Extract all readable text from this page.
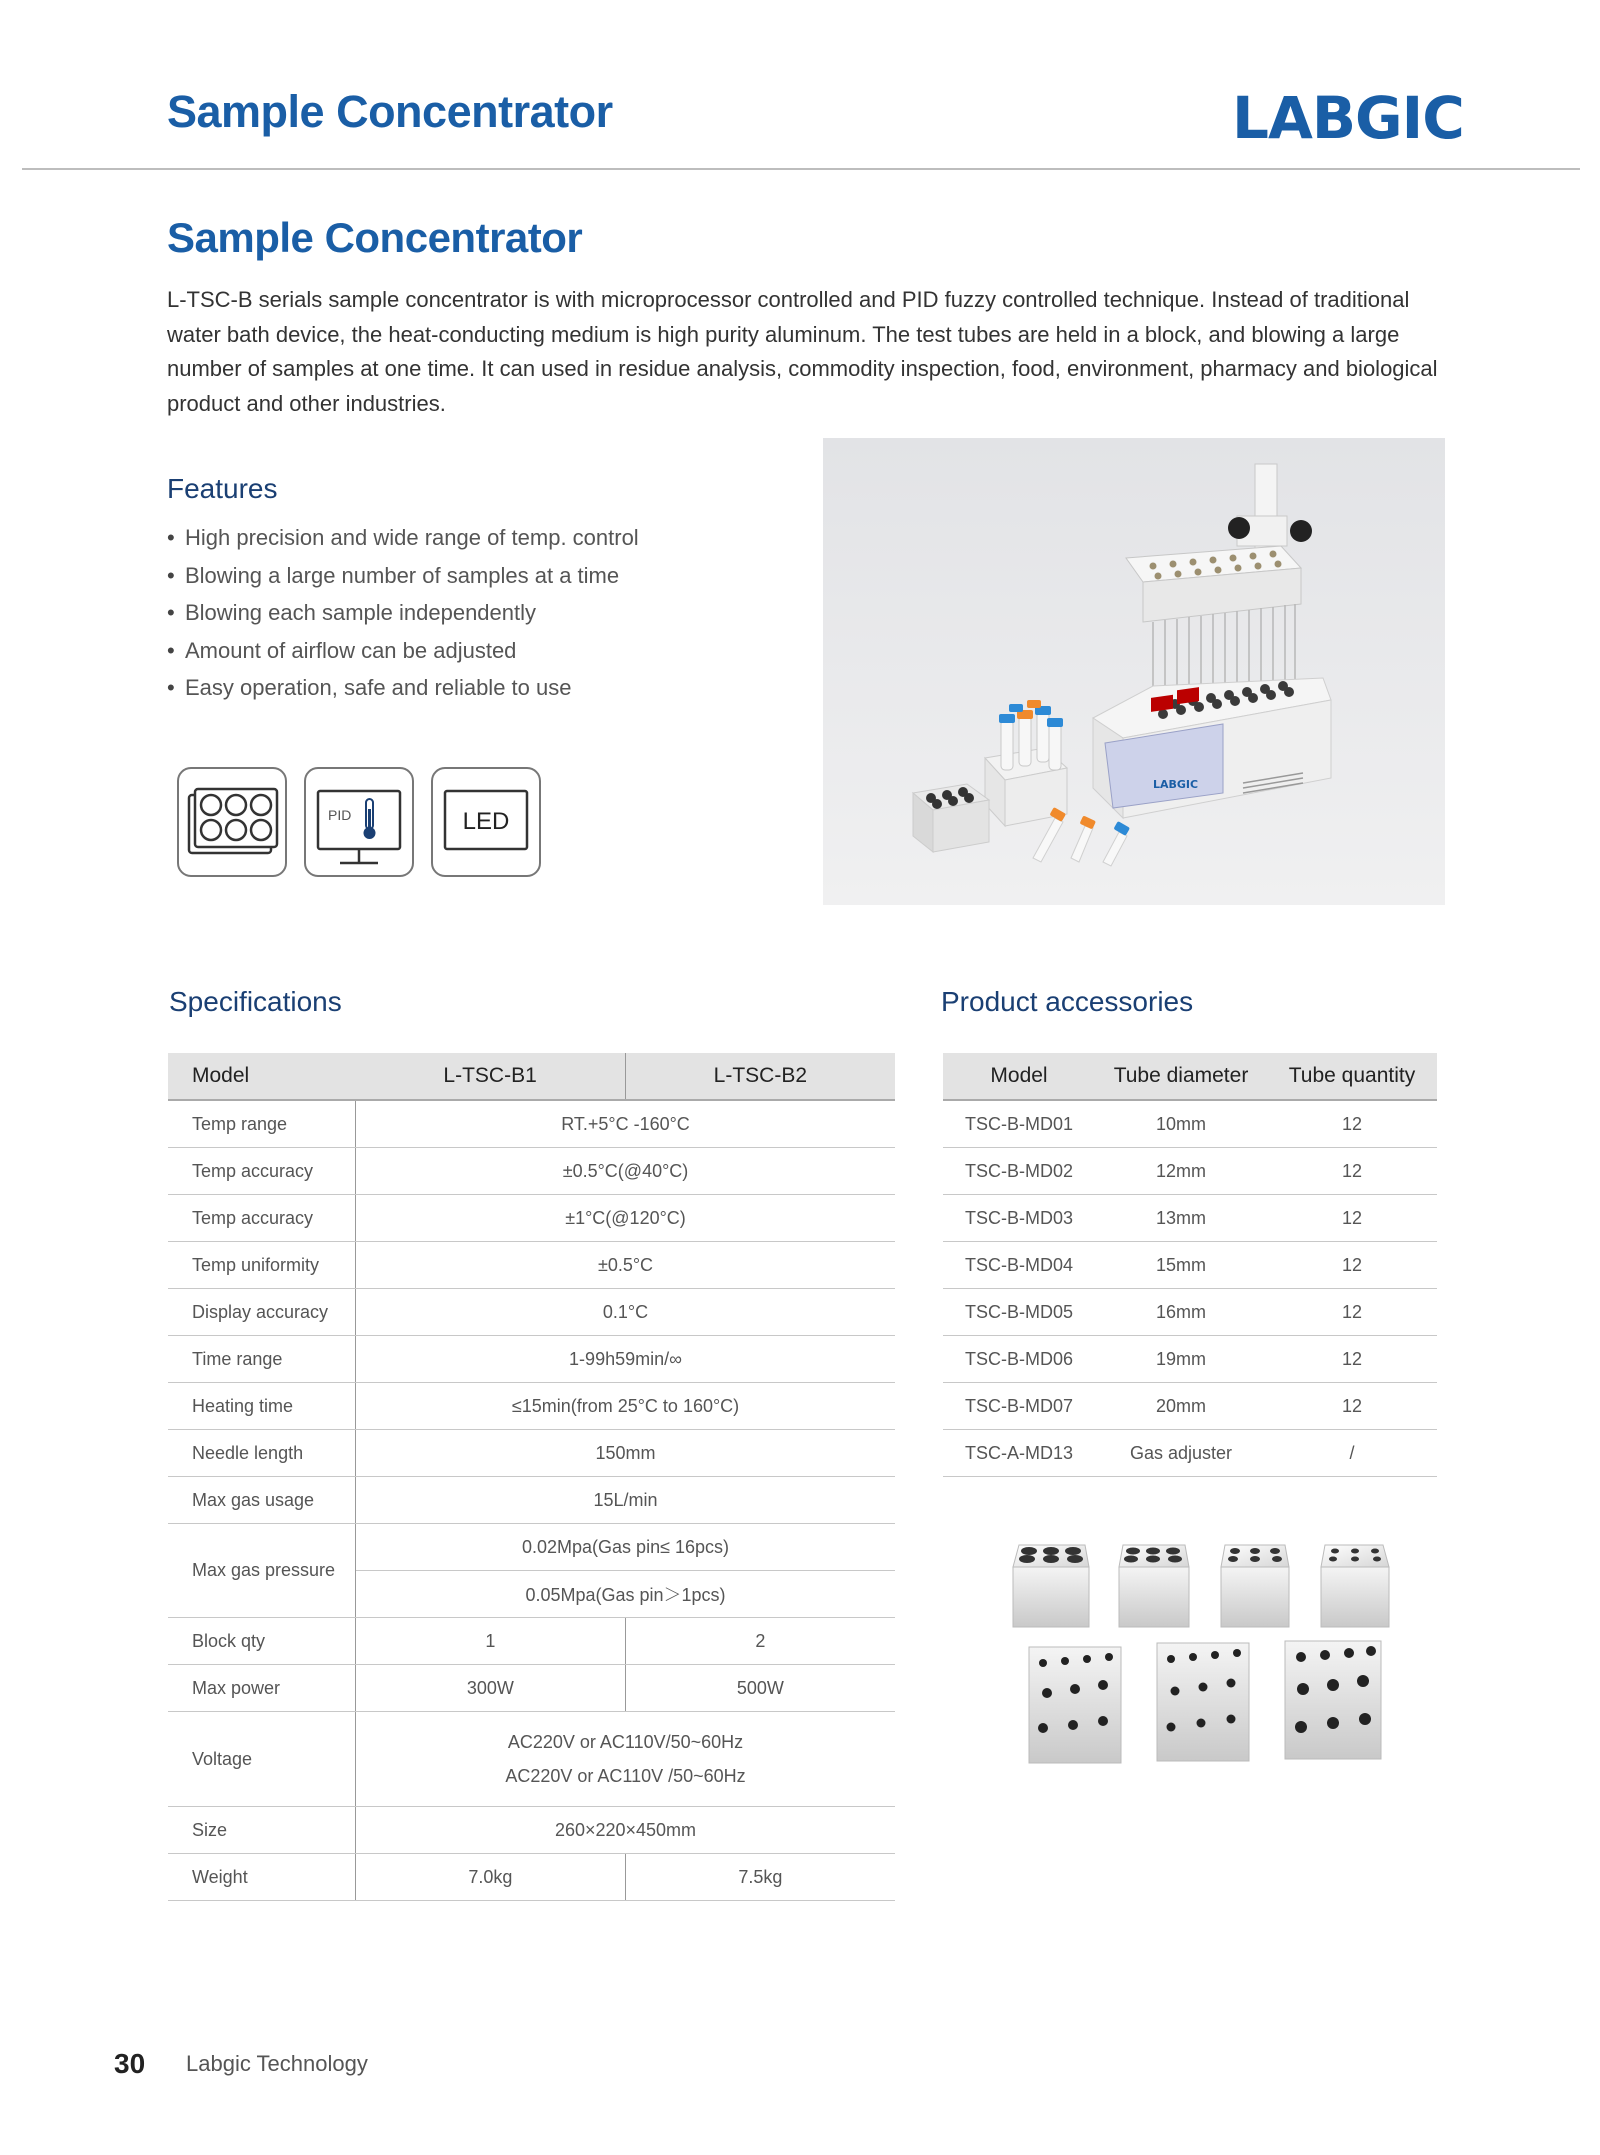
Sample Concentrator	LABGIC
Sample Concentrator
L-TSC-B serials sample concentrator is with microprocessor controlled and PID fuzzy controlled technique. Instead of traditional water bath device, the heat-conducting medium is high purity aluminum. The test tubes are held in a block, and blowing a large number of samples at one time. It can used in residue analysis, commodity inspection, food, environment, pharmacy and biological product and other industries.
Features
• High precision and wide range of temp. control
• Blowing a large number of samples at a time
• Blowing each sample independently
• Amount of airflow can be adjusted
• Easy operation, safe and reliable to use
PID	LED
LABGIC
Specifications
Model	L-TSC-B1	L-TSC-B2
Temp range	RT.+5°C -160°C	
Temp accuracy	±0.5°C(@40°C)	
Temp accuracy	±1°C(@120°C)	
Temp uniformity	±0.5°C	
Display accuracy	0.1°C	
Time range	1-99h59min/∞	
Heating time	≤15min(from 25°C to 160°C)	
Needle length	150mm	
Max gas usage	15L/min	
Max gas pressure	0.02Mpa(Gas pin≤ 16pcs)	
	0.05Mpa(Gas pin＞1pcs)	
Block qty	1	2
Max power	300W	500W
Voltage	AC220V or AC110V/50~60Hz
AC220V or AC110V /50~60Hz	

Size	260×220×450mm	
Weight	7.0kg	7.5kg
Product accessories
Model	Tube diameter	Tube quantity
TSC-B-MD01	10mm	12
TSC-B-MD02	12mm	12
TSC-B-MD03	13mm	12
TSC-B-MD04	15mm	12
TSC-B-MD05	16mm	12
TSC-B-MD06	19mm	12
TSC-B-MD07	20mm	12
TSC-A-MD13	Gas adjuster	/
30 Labgic Technology
